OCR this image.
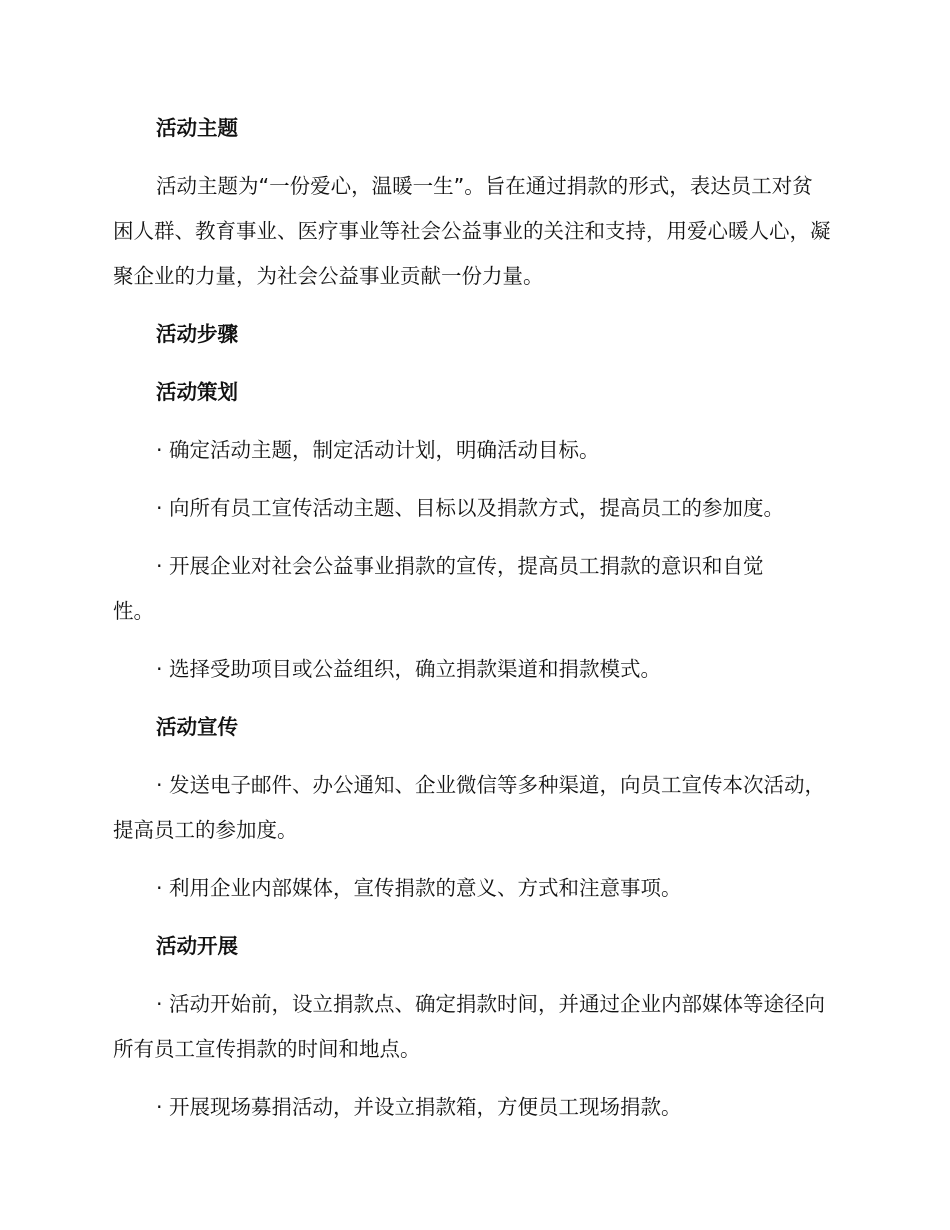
活动主题

活动主题为“一份爱心，温暖一生”。旨在通过捐款的形式，表达员工对贫困人群、教育事业、医疗事业等社会公益事业的关注和支持，用爱心暖人心，凝聚企业的力量，为社会公益事业贡献一份力量。

活动步骤
活动策划

· 确定活动主题，制定活动计划，明确活动目标。

· 向所有员工宣传活动主题、目标以及捐款方式，提高员工的参加度。

· 开展企业对社会公益事业捐款的宣传，提高员工捐款的意识和自觉性。

· 选择受助项目或公益组织，确立捐款渠道和捐款模式。

活动宣传

· 发送电子邮件、办公通知、企业微信等多种渠道，向员工宣传本次活动，提高员工的参加度。

· 利用企业内部媒体，宣传捐款的意义、方式和注意事项。

活动开展

· 活动开始前，设立捐款点、确定捐款时间，并通过企业内部媒体等途径向所有员工宣传捐款的时间和地点。

· 开展现场募捐活动，并设立捐款箱，方便员工现场捐款。
